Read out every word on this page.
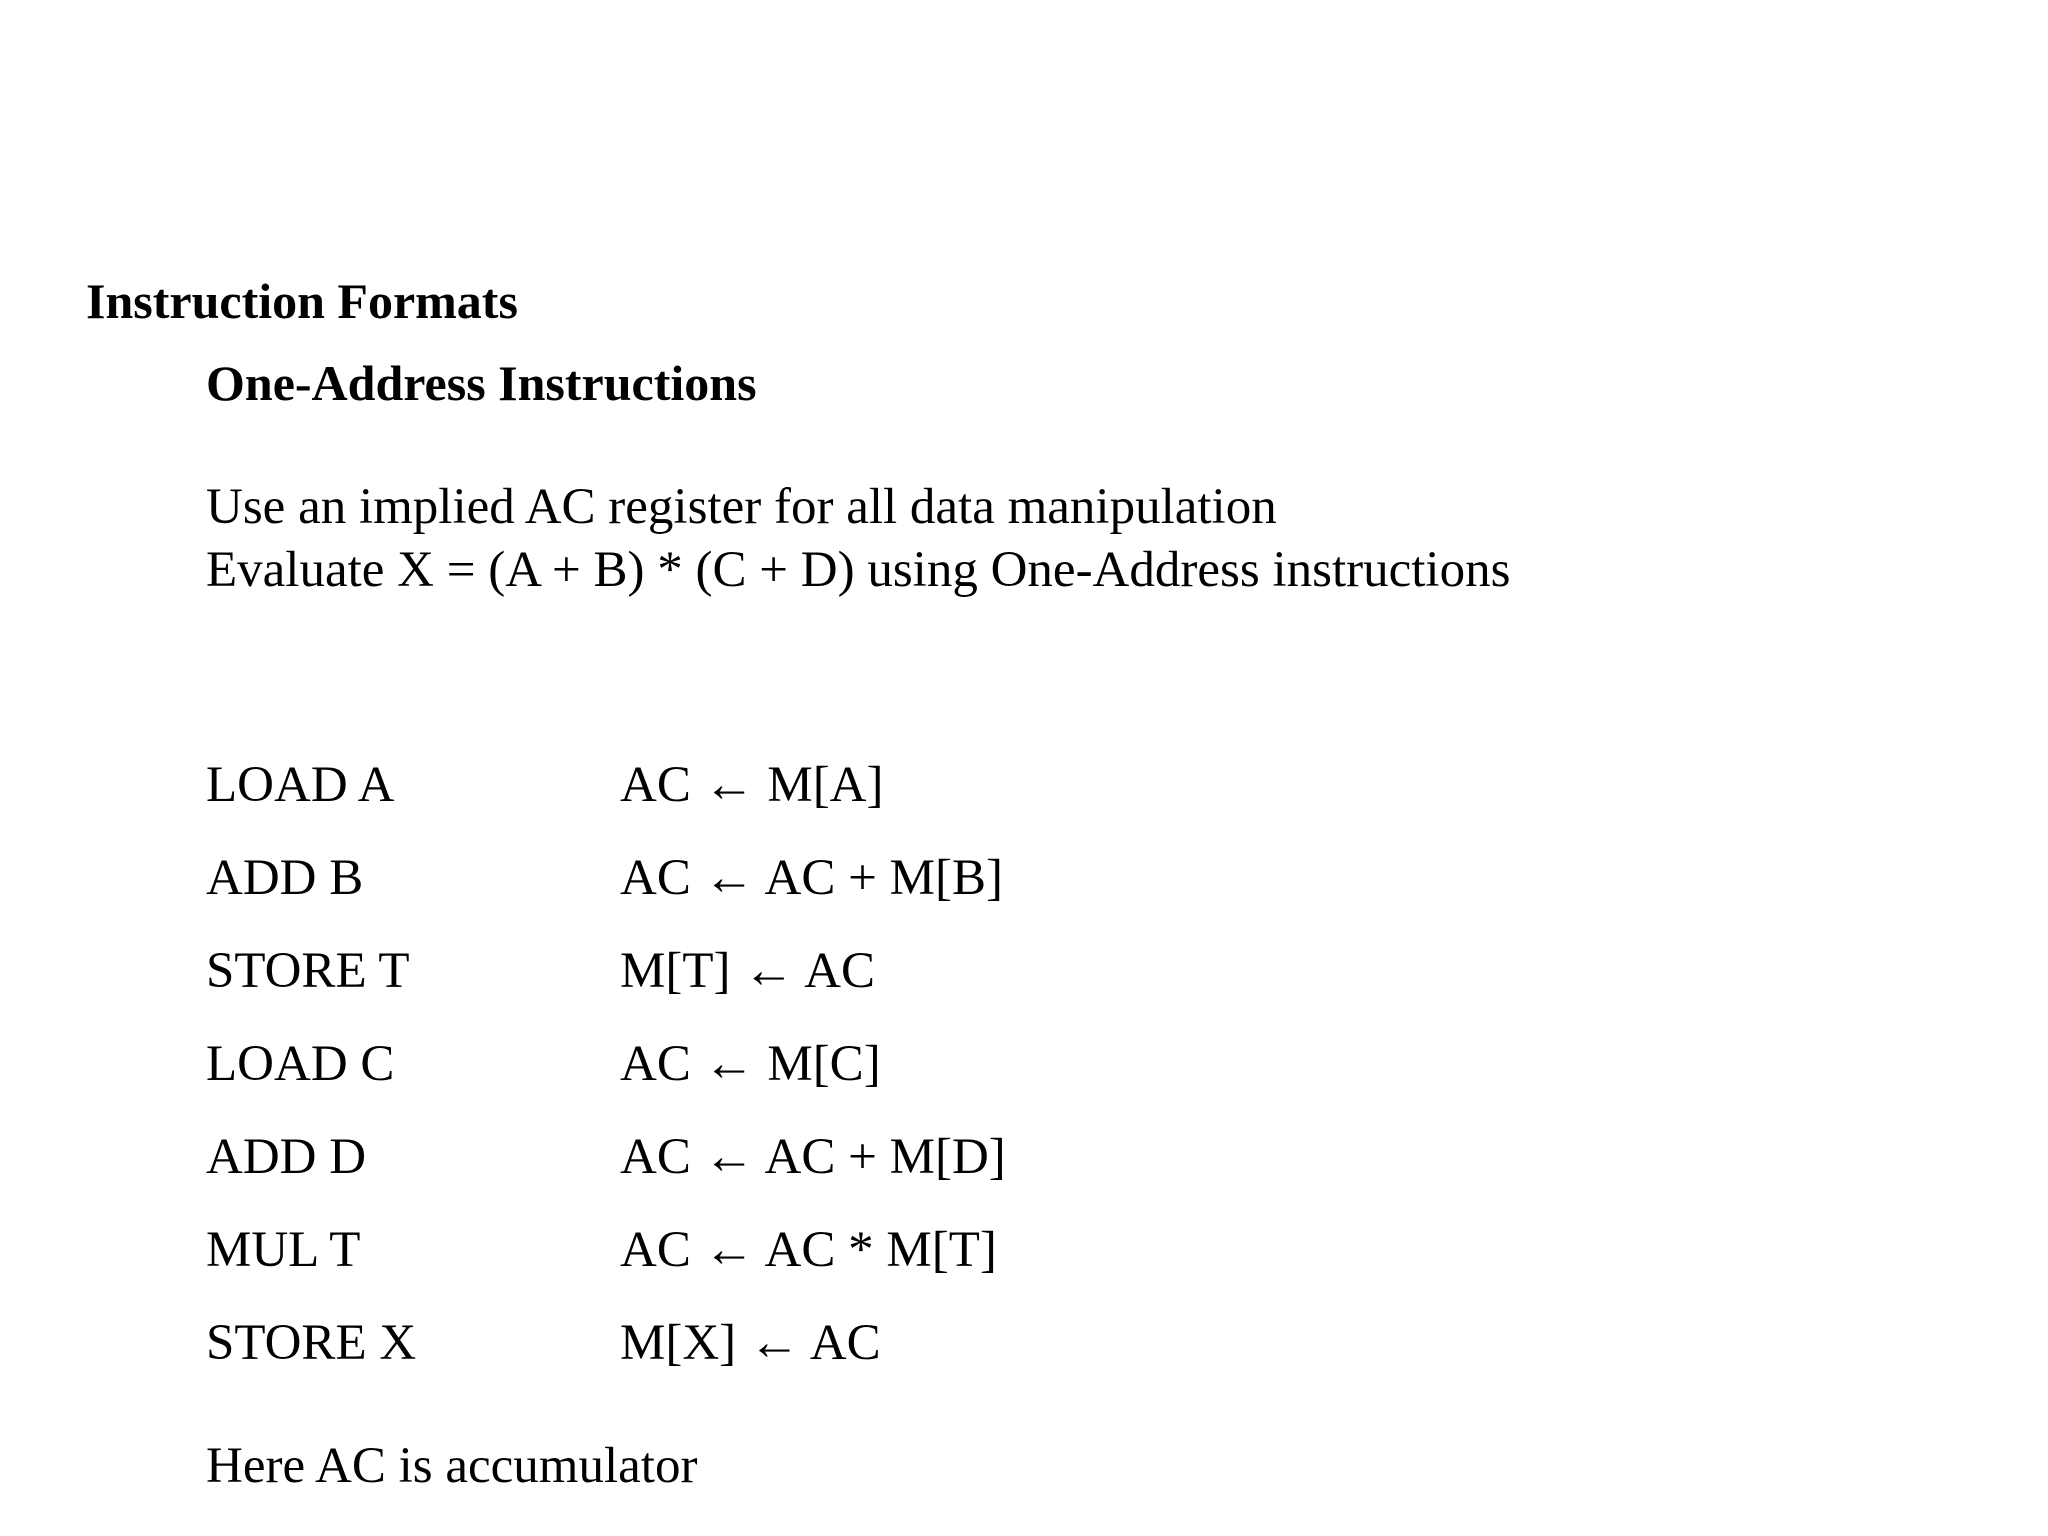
Instruction Formats
One-Address Instructions
Use an implied AC register for all data manipulation
Evaluate X = (A + B) * (C + D) using One-Address instructions
LOAD A	AC ← M[A]
ADD B	AC ← AC + M[B]
STORE T	M[T] ← AC
LOAD C	AC ← M[C]
ADD D	AC ← AC + M[D]
MUL T	AC ← AC * M[T]
STORE X	M[X] ← AC
Here AC is accumulator
